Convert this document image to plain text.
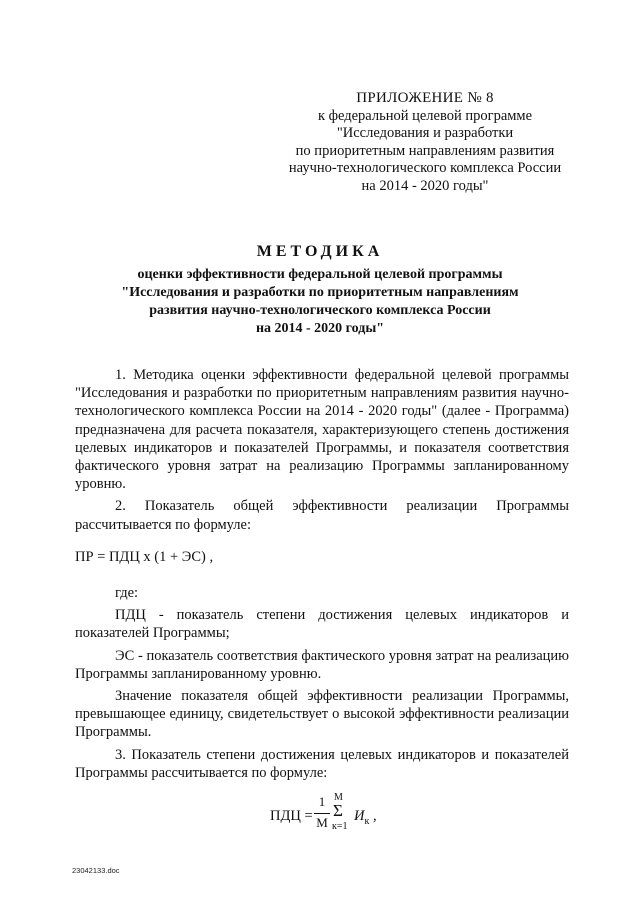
ПРИЛОЖЕНИЕ № 8
к федеральной целевой программе
"Исследования и разработки
по приоритетным направлениям развития
научно-технологического комплекса России
на 2014 - 2020 годы"
МЕТОДИКА
оценки эффективности федеральной целевой программы
"Исследования и разработки по приоритетным направлениям
развития научно-технологического комплекса России
на 2014 - 2020 годы"

1. Методика оценки эффективности федеральной целевой программы "Исследования и разработки по приоритетным направлениям развития научно-технологического комплекса России на 2014 - 2020 годы" (далее - Программа) предназначена для расчета показателя, характеризующего степень достижения целевых индикаторов и показателей Программы, и показателя соответствия фактического уровня затрат на реализацию Программы запланированному уровню.

2. Показатель общей эффективности реализации Программы рассчитывается по формуле:

ПР = ПДЦ х (1 + ЭС) ,

где:

ПДЦ - показатель степени достижения целевых индикаторов и показателей Программы;

ЭС - показатель соответствия фактического уровня затрат на реализацию Программы запланированному уровню.

Значение показателя общей эффективности реализации Программы, превышающее единицу, свидетельствует о высокой эффективности реализации Программы.

3. Показатель степени достижения целевых индикаторов и показателей Программы рассчитывается по формуле:

ПДЦ =
1
М
М
Σ
к=1
$И_к$ ,
23042133.doc
